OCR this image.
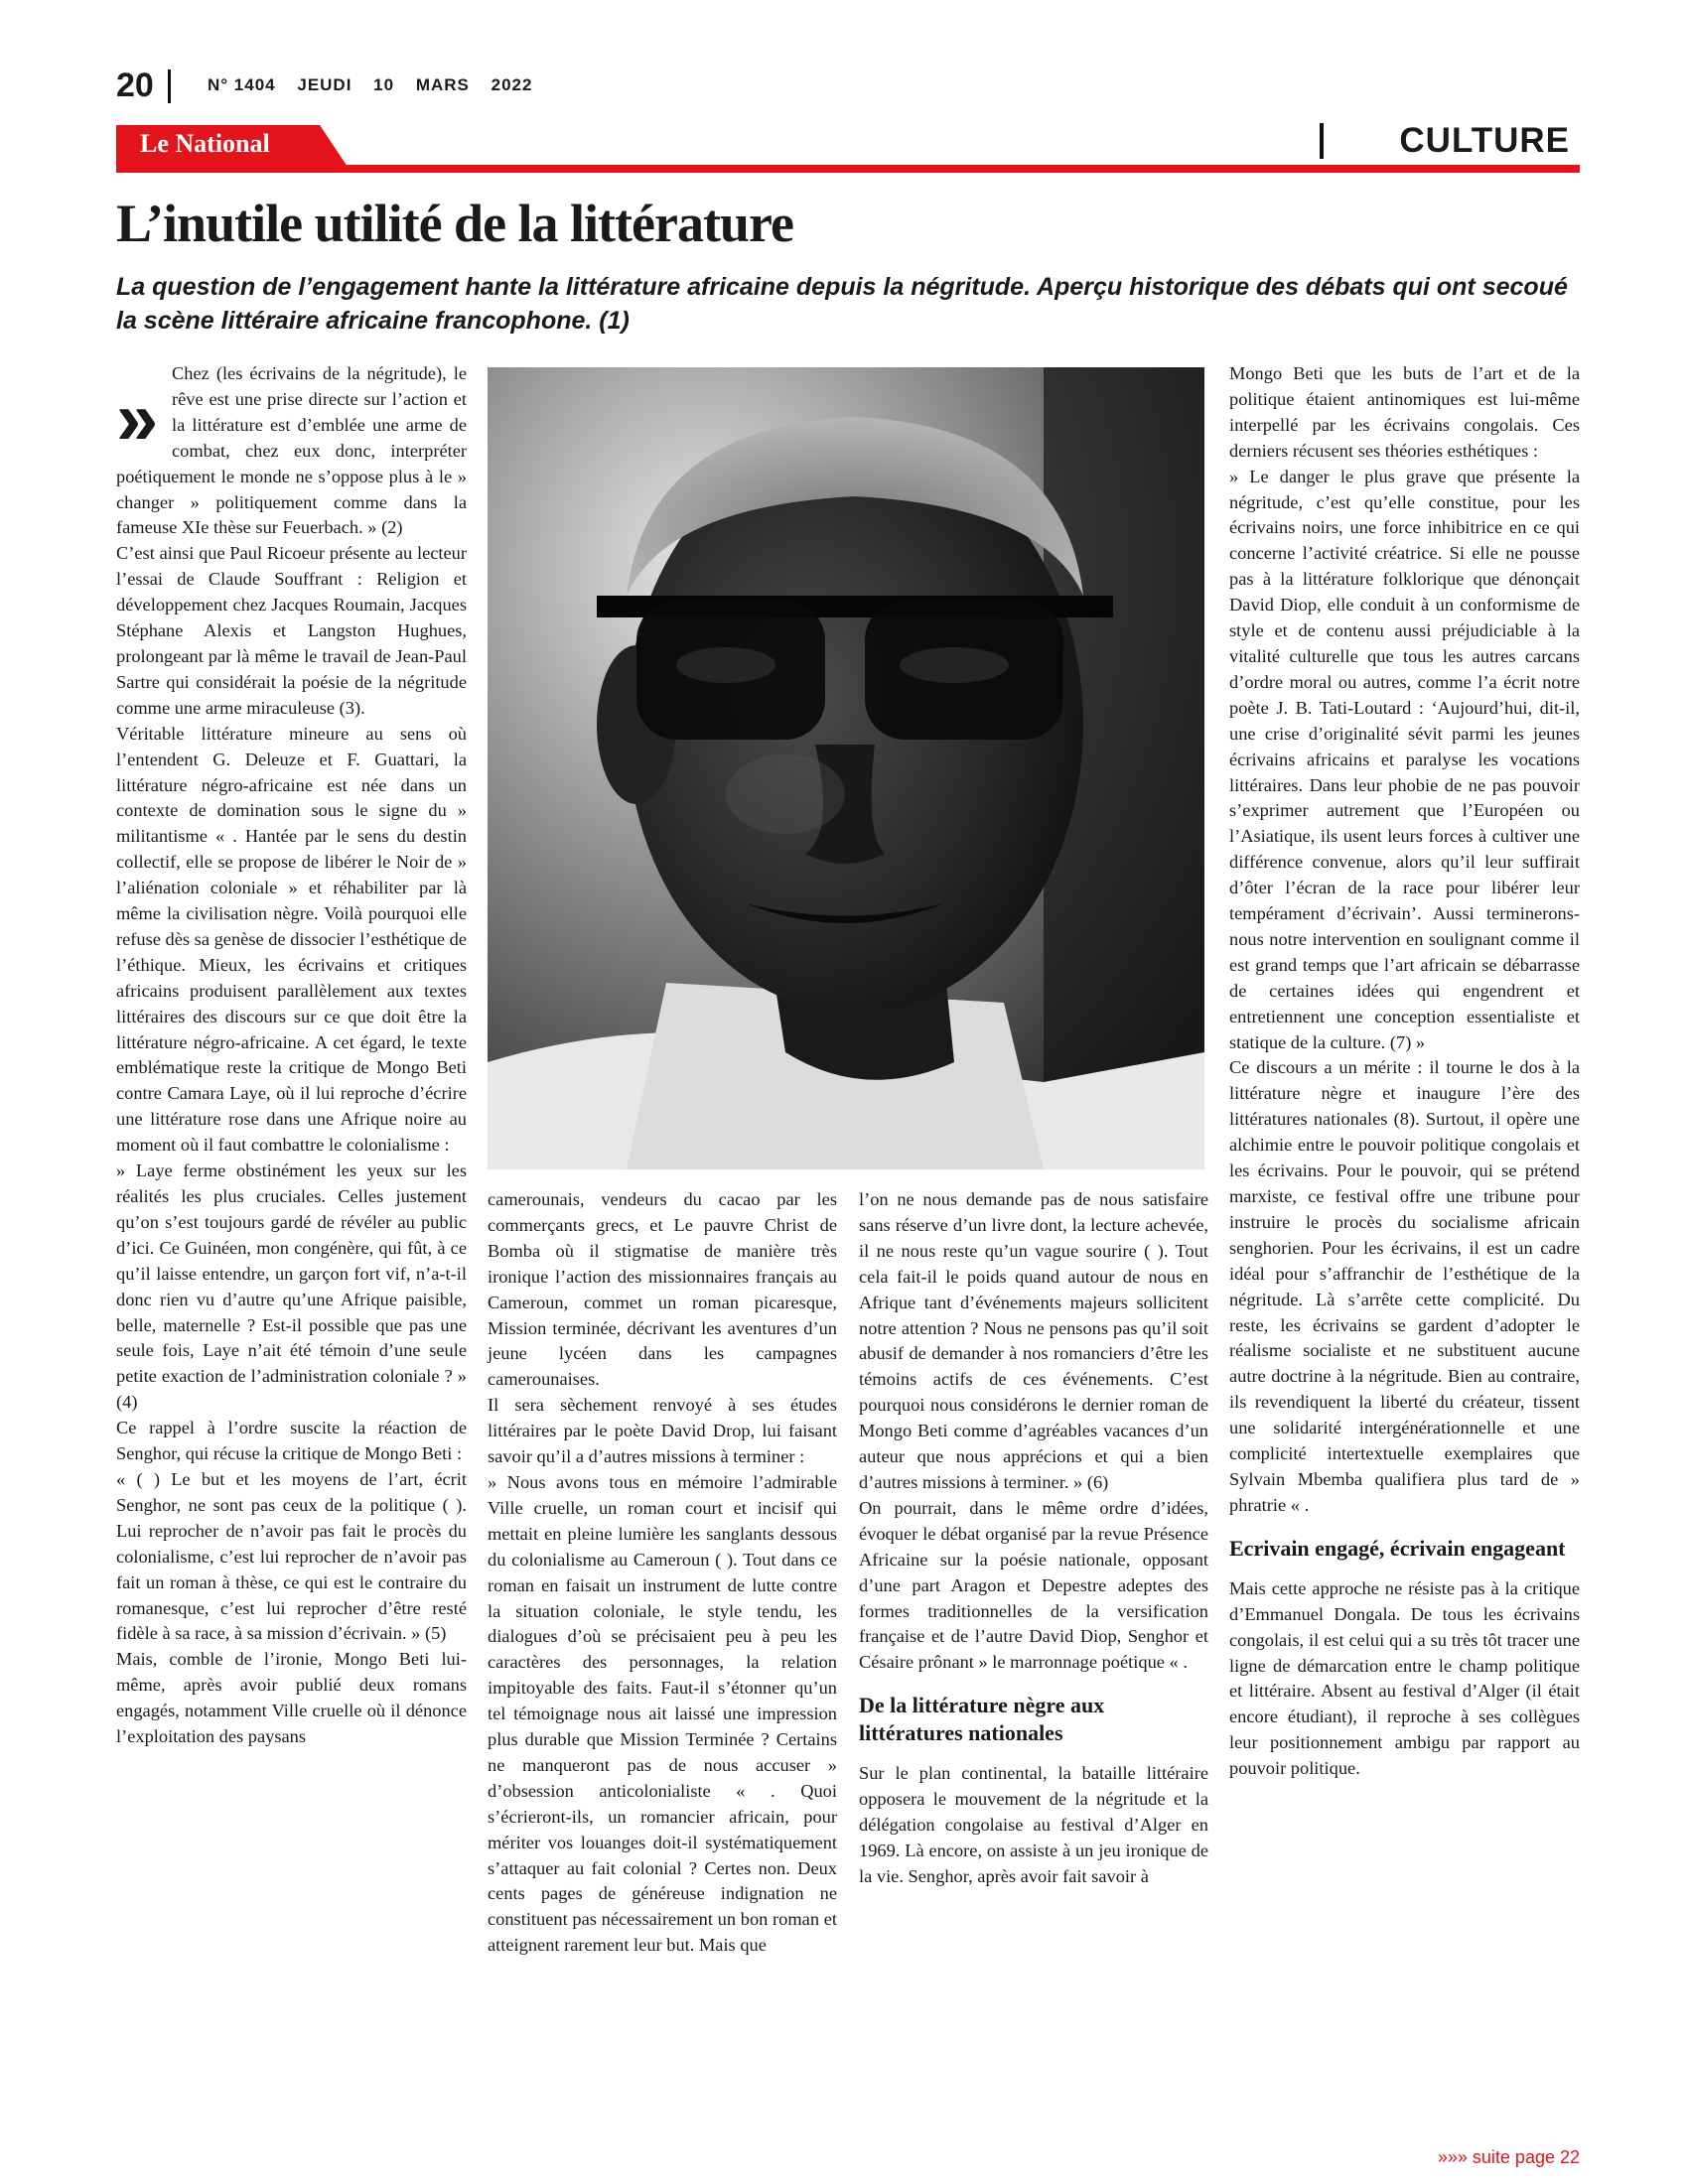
20	N° 1404 JEUDI 10 MARS 2022
Le National	CULTURE
L’inutile utilité de la littérature

La question de l’engagement hante la littérature africaine depuis la négritude. Aperçu historique des débats qui ont secoué la scène littéraire africaine francophone. (1)

»

Chez (les écrivains de la négritude), le rêve est une prise directe sur l’action et la littérature est d’emblée une arme de combat, chez eux donc, interpréter poétiquement le monde ne s’oppose plus à le » changer » politiquement comme dans la fameuse XIe thèse sur Feuerbach. » (2)

C’est ainsi que Paul Ricoeur présente au lecteur l’essai de Claude Souffrant : Religion et développement chez Jacques Roumain, Jacques Stéphane Alexis et Langston Hughues, prolongeant par là même le travail de Jean-Paul Sartre qui considérait la poésie de la négritude comme une arme miraculeuse (3).

Véritable littérature mineure au sens où l’entendent G. Deleuze et F. Guattari, la littérature négro-africaine est née dans un contexte de domination sous le signe du » militantisme « . Hantée par le sens du destin collectif, elle se propose de libérer le Noir de » l’aliénation coloniale » et réhabiliter par là même la civilisation nègre. Voilà pourquoi elle refuse dès sa genèse de dissocier l’esthétique de l’éthique. Mieux, les écrivains et critiques africains produisent parallèlement aux textes littéraires des discours sur ce que doit être la littérature négro-africaine. A cet égard, le texte emblématique reste la critique de Mongo Beti contre Camara Laye, où il lui reproche d’écrire une littérature rose dans une Afrique noire au moment où il faut combattre le colonialisme :

» Laye ferme obstinément les yeux sur les réalités les plus cruciales. Celles justement qu’on s’est toujours gardé de révéler au public d’ici. Ce Guinéen, mon congénère, qui fût, à ce qu’il laisse entendre, un garçon fort vif, n’a-t-il donc rien vu d’autre qu’une Afrique paisible, belle, maternelle ? Est-il possible que pas une seule fois, Laye n’ait été témoin d’une seule petite exaction de l’administration coloniale ? » (4)

Ce rappel à l’ordre suscite la réaction de Senghor, qui récuse la critique de Mongo Beti :

« ( ) Le but et les moyens de l’art, écrit Senghor, ne sont pas ceux de la politique ( ). Lui reprocher de n’avoir pas fait le procès du colonialisme, c’est lui reprocher de n’avoir pas fait un roman à thèse, ce qui est le contraire du romanesque, c’est lui reprocher d’être resté fidèle à sa race, à sa mission d’écrivain. » (5)

Mais, comble de l’ironie, Mongo Beti lui-même, après avoir publié deux romans engagés, notamment Ville cruelle où il dénonce l’exploitation des paysans

camerounais, vendeurs du cacao par les commerçants grecs, et Le pauvre Christ de Bomba où il stigmatise de manière très ironique l’action des missionnaires français au Cameroun, commet un roman picaresque, Mission terminée, décrivant les aventures d’un jeune lycéen dans les campagnes camerounaises.

Il sera sèchement renvoyé à ses études littéraires par le poète David Drop, lui faisant savoir qu’il a d’autres missions à terminer :

» Nous avons tous en mémoire l’admirable Ville cruelle, un roman court et incisif qui mettait en pleine lumière les sanglants dessous du colonialisme au Cameroun ( ). Tout dans ce roman en faisait un instrument de lutte contre la situation coloniale, le style tendu, les dialogues d’où se précisaient peu à peu les caractères des personnages, la relation impitoyable des faits. Faut-il s’étonner qu’un tel témoignage nous ait laissé une impression plus durable que Mission Terminée ? Certains ne manqueront pas de nous accuser » d’obsession anticolonialiste « . Quoi s’écrieront-ils, un romancier africain, pour mériter vos louanges doit-il systématiquement s’attaquer au fait colonial ? Certes non. Deux cents pages de généreuse indignation ne constituent pas nécessairement un bon roman et atteignent rarement leur but. Mais que

l’on ne nous demande pas de nous satisfaire sans réserve d’un livre dont, la lecture achevée, il ne nous reste qu’un vague sourire ( ). Tout cela fait-il le poids quand autour de nous en Afrique tant d’événements majeurs sollicitent notre attention ? Nous ne pensons pas qu’il soit abusif de demander à nos romanciers d’être les témoins actifs de ces événements. C’est pourquoi nous considérons le dernier roman de Mongo Beti comme d’agréables vacances d’un auteur que nous apprécions et qui a bien d’autres missions à terminer. » (6)

On pourrait, dans le même ordre d’idées, évoquer le débat organisé par la revue Présence Africaine sur la poésie nationale, opposant d’une part Aragon et Depestre adeptes des formes traditionnelles de la versification française et de l’autre David Diop, Senghor et Césaire prônant » le marronnage poétique « .

De la littérature nègre aux littératures nationales

Sur le plan continental, la bataille littéraire opposera le mouvement de la négritude et la délégation congolaise au festival d’Alger en 1969. Là encore, on assiste à un jeu ironique de la vie. Senghor, après avoir fait savoir à

Mongo Beti que les buts de l’art et de la politique étaient antinomiques est lui-même interpellé par les écrivains congolais. Ces derniers récusent ses théories esthétiques :

» Le danger le plus grave que présente la négritude, c’est qu’elle constitue, pour les écrivains noirs, une force inhibitrice en ce qui concerne l’activité créatrice. Si elle ne pousse pas à la littérature folklorique que dénonçait David Diop, elle conduit à un conformisme de style et de contenu aussi préjudiciable à la vitalité culturelle que tous les autres carcans d’ordre moral ou autres, comme l’a écrit notre poète J. B. Tati-Loutard : ‘Aujourd’hui, dit-il, une crise d’originalité sévit parmi les jeunes écrivains africains et paralyse les vocations littéraires. Dans leur phobie de ne pas pouvoir s’exprimer autrement que l’Européen ou l’Asiatique, ils usent leurs forces à cultiver une différence convenue, alors qu’il leur suffirait d’ôter l’écran de la race pour libérer leur tempérament d’écrivain’. Aussi terminerons-nous notre intervention en soulignant comme il est grand temps que l’art africain se débarrasse de certaines idées qui engendrent et entretiennent une conception essentialiste et statique de la culture. (7) »

Ce discours a un mérite : il tourne le dos à la littérature nègre et inaugure l’ère des littératures nationales (8). Surtout, il opère une alchimie entre le pouvoir politique congolais et les écrivains. Pour le pouvoir, qui se prétend marxiste, ce festival offre une tribune pour instruire le procès du socialisme africain senghorien. Pour les écrivains, il est un cadre idéal pour s’affranchir de l’esthétique de la négritude. Là s’arrête cette complicité. Du reste, les écrivains se gardent d’adopter le réalisme socialiste et ne substituent aucune autre doctrine à la négritude. Bien au contraire, ils revendiquent la liberté du créateur, tissent une solidarité intergénérationnelle et une complicité intertextuelle exemplaires que Sylvain Mbemba qualifiera plus tard de » phratrie « .

Ecrivain engagé, écrivain engageant

Mais cette approche ne résiste pas à la critique d’Emmanuel Dongala. De tous les écrivains congolais, il est celui qui a su très tôt tracer une ligne de démarcation entre le champ politique et littéraire. Absent au festival d’Alger (il était encore étudiant), il reproche à ses collègues leur positionnement ambigu par rapport au pouvoir politique.

»»» suite page 22
